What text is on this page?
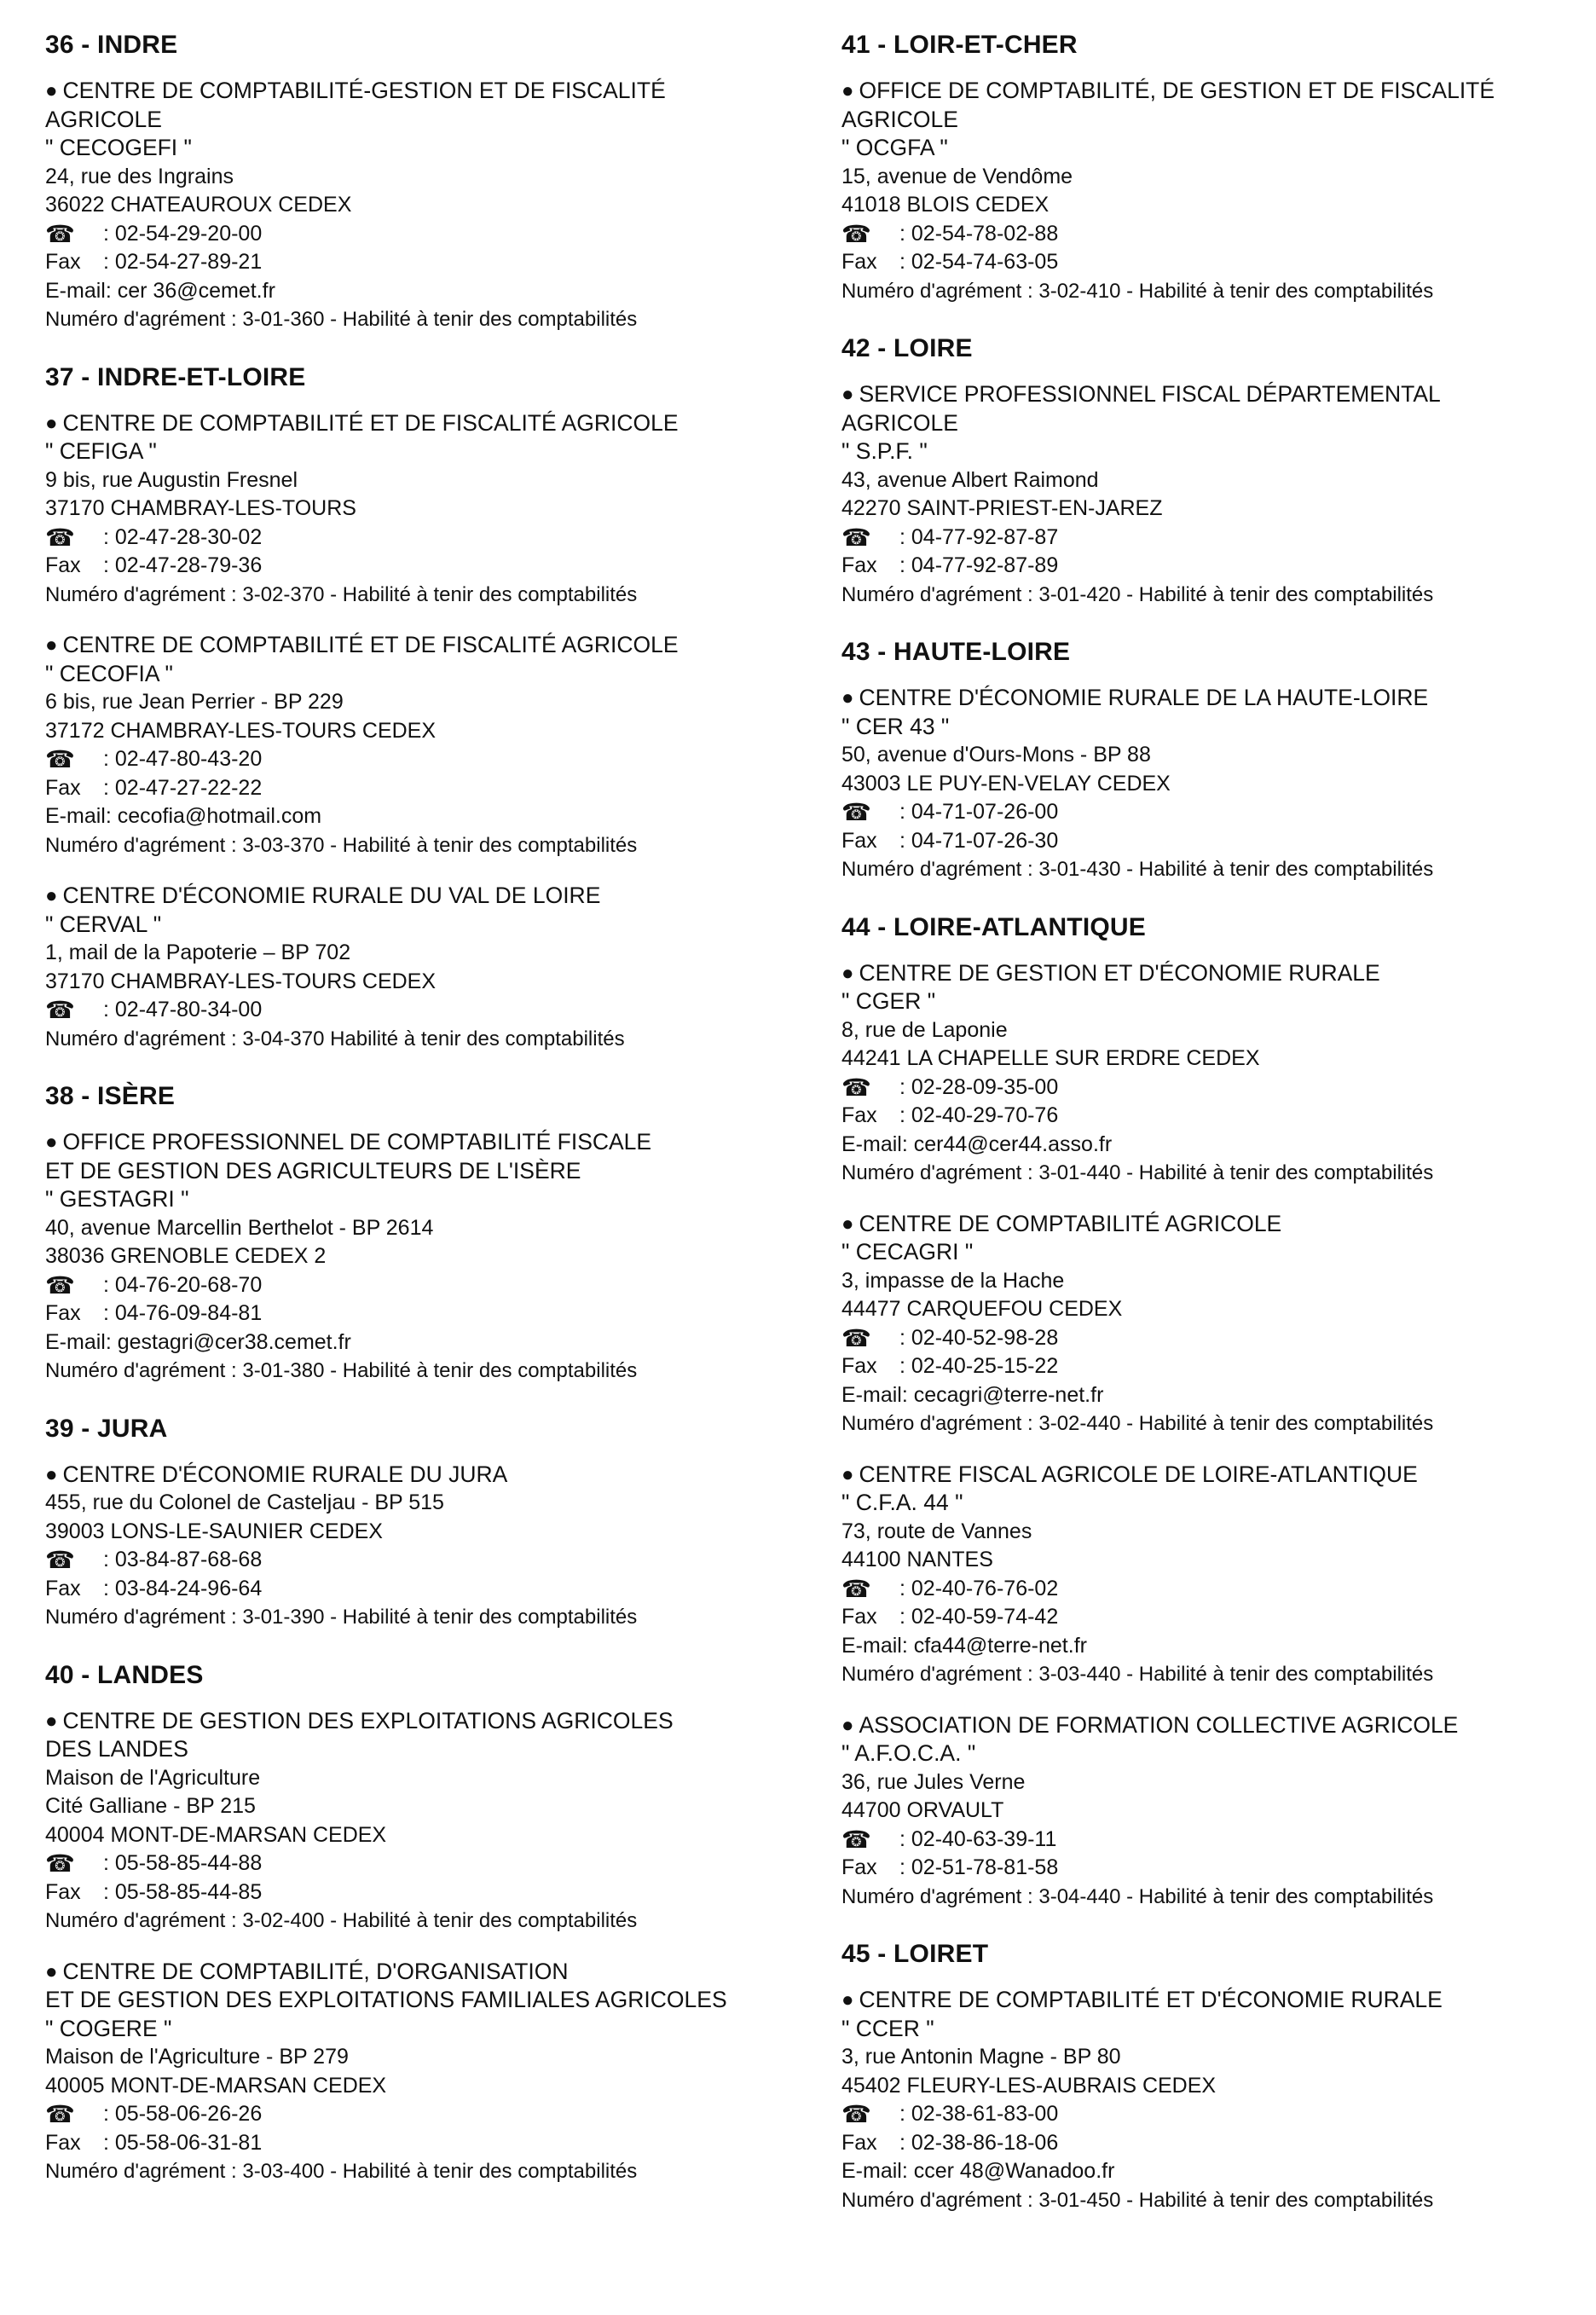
36 - INDRE
● CENTRE DE COMPTABILITÉ-GESTION ET DE FISCALITÉ
AGRICOLE
" CECOGEFI "
24, rue des Ingrains
36022 CHATEAUROUX CEDEX
☎ : 02-54-29-20-00
Fax : 02-54-27-89-21
E-mail: cer 36@cemet.fr
Numéro d'agrément : 3-01-360 - Habilité à tenir des comptabilités
37 - INDRE-ET-LOIRE
● CENTRE DE COMPTABILITÉ ET DE FISCALITÉ AGRICOLE
" CEFIGA "
9 bis, rue Augustin Fresnel
37170 CHAMBRAY-LES-TOURS
☎ : 02-47-28-30-02
Fax : 02-47-28-79-36
Numéro d'agrément : 3-02-370 - Habilité à tenir des comptabilités
● CENTRE DE COMPTABILITÉ ET DE FISCALITÉ AGRICOLE
" CECOFIA "
6 bis, rue Jean Perrier - BP 229
37172 CHAMBRAY-LES-TOURS CEDEX
☎ : 02-47-80-43-20
Fax : 02-47-27-22-22
E-mail: cecofia@hotmail.com
Numéro d'agrément : 3-03-370 - Habilité à tenir des comptabilités
● CENTRE D'ÉCONOMIE RURALE DU VAL DE LOIRE
" CERVAL "
1, mail de la Papoterie – BP 702
37170 CHAMBRAY-LES-TOURS CEDEX
☎ : 02-47-80-34-00
Numéro d'agrément : 3-04-370 Habilité à tenir des comptabilités
38 - ISÈRE
● OFFICE PROFESSIONNEL DE COMPTABILITÉ FISCALE
ET DE GESTION DES AGRICULTEURS DE L'ISÈRE
" GESTAGRI "
40, avenue Marcellin Berthelot - BP 2614
38036 GRENOBLE CEDEX 2
☎ : 04-76-20-68-70
Fax : 04-76-09-84-81
E-mail: gestagri@cer38.cemet.fr
Numéro d'agrément : 3-01-380 - Habilité à tenir des comptabilités
39 - JURA
● CENTRE D'ÉCONOMIE RURALE DU JURA
455, rue du Colonel de Casteljau - BP 515
39003 LONS-LE-SAUNIER CEDEX
☎ : 03-84-87-68-68
Fax : 03-84-24-96-64
Numéro d'agrément : 3-01-390 - Habilité à tenir des comptabilités
40 - LANDES
● CENTRE DE GESTION DES EXPLOITATIONS AGRICOLES
DES LANDES
Maison de l'Agriculture
Cité Galliane - BP 215
40004 MONT-DE-MARSAN CEDEX
☎ : 05-58-85-44-88
Fax : 05-58-85-44-85
Numéro d'agrément : 3-02-400 - Habilité à tenir des comptabilités
● CENTRE DE COMPTABILITÉ, D'ORGANISATION
ET DE GESTION DES EXPLOITATIONS FAMILIALES AGRICOLES
" COGERE "
Maison de l'Agriculture - BP 279
40005 MONT-DE-MARSAN CEDEX
☎ : 05-58-06-26-26
Fax : 05-58-06-31-81
Numéro d'agrément : 3-03-400 - Habilité à tenir des comptabilités
41 - LOIR-ET-CHER
● OFFICE DE COMPTABILITÉ, DE GESTION ET DE FISCALITÉ
AGRICOLE
" OCGFA "
15, avenue de Vendôme
41018 BLOIS CEDEX
☎ : 02-54-78-02-88
Fax : 02-54-74-63-05
Numéro d'agrément : 3-02-410 - Habilité à tenir des comptabilités
42 - LOIRE
● SERVICE PROFESSIONNEL FISCAL DÉPARTEMENTAL
AGRICOLE
" S.P.F. "
43, avenue Albert Raimond
42270 SAINT-PRIEST-EN-JAREZ
☎ : 04-77-92-87-87
Fax : 04-77-92-87-89
Numéro d'agrément : 3-01-420 - Habilité à tenir des comptabilités
43 - HAUTE-LOIRE
● CENTRE D'ÉCONOMIE RURALE DE LA HAUTE-LOIRE
" CER 43 "
50, avenue d'Ours-Mons - BP 88
43003 LE PUY-EN-VELAY CEDEX
☎ : 04-71-07-26-00
Fax : 04-71-07-26-30
Numéro d'agrément : 3-01-430 - Habilité à tenir des comptabilités
44 - LOIRE-ATLANTIQUE
● CENTRE DE GESTION ET D'ÉCONOMIE RURALE
" CGER "
8, rue de Laponie
44241 LA CHAPELLE SUR ERDRE CEDEX
☎ : 02-28-09-35-00
Fax : 02-40-29-70-76
E-mail: cer44@cer44.asso.fr
Numéro d'agrément : 3-01-440 - Habilité à tenir des comptabilités
● CENTRE DE COMPTABILITÉ AGRICOLE
" CECAGRI "
3, impasse de la Hache
44477 CARQUEFOU CEDEX
☎ : 02-40-52-98-28
Fax : 02-40-25-15-22
E-mail: cecagri@terre-net.fr
Numéro d'agrément : 3-02-440 - Habilité à tenir des comptabilités
● CENTRE FISCAL AGRICOLE DE LOIRE-ATLANTIQUE
" C.F.A. 44 "
73, route de Vannes
44100 NANTES
☎ : 02-40-76-76-02
Fax : 02-40-59-74-42
E-mail: cfa44@terre-net.fr
Numéro d'agrément : 3-03-440 - Habilité à tenir des comptabilités
● ASSOCIATION DE FORMATION COLLECTIVE AGRICOLE
" A.F.O.C.A. "
36, rue Jules Verne
44700 ORVAULT
☎ : 02-40-63-39-11
Fax : 02-51-78-81-58
Numéro d'agrément : 3-04-440 - Habilité à tenir des comptabilités
45 - LOIRET
● CENTRE DE COMPTABILITÉ ET D'ÉCONOMIE RURALE
" CCER "
3, rue Antonin Magne - BP 80
45402 FLEURY-LES-AUBRAIS CEDEX
☎ : 02-38-61-83-00
Fax : 02-38-86-18-06
E-mail: ccer 48@Wanadoo.fr
Numéro d'agrément : 3-01-450 - Habilité à tenir des comptabilités
